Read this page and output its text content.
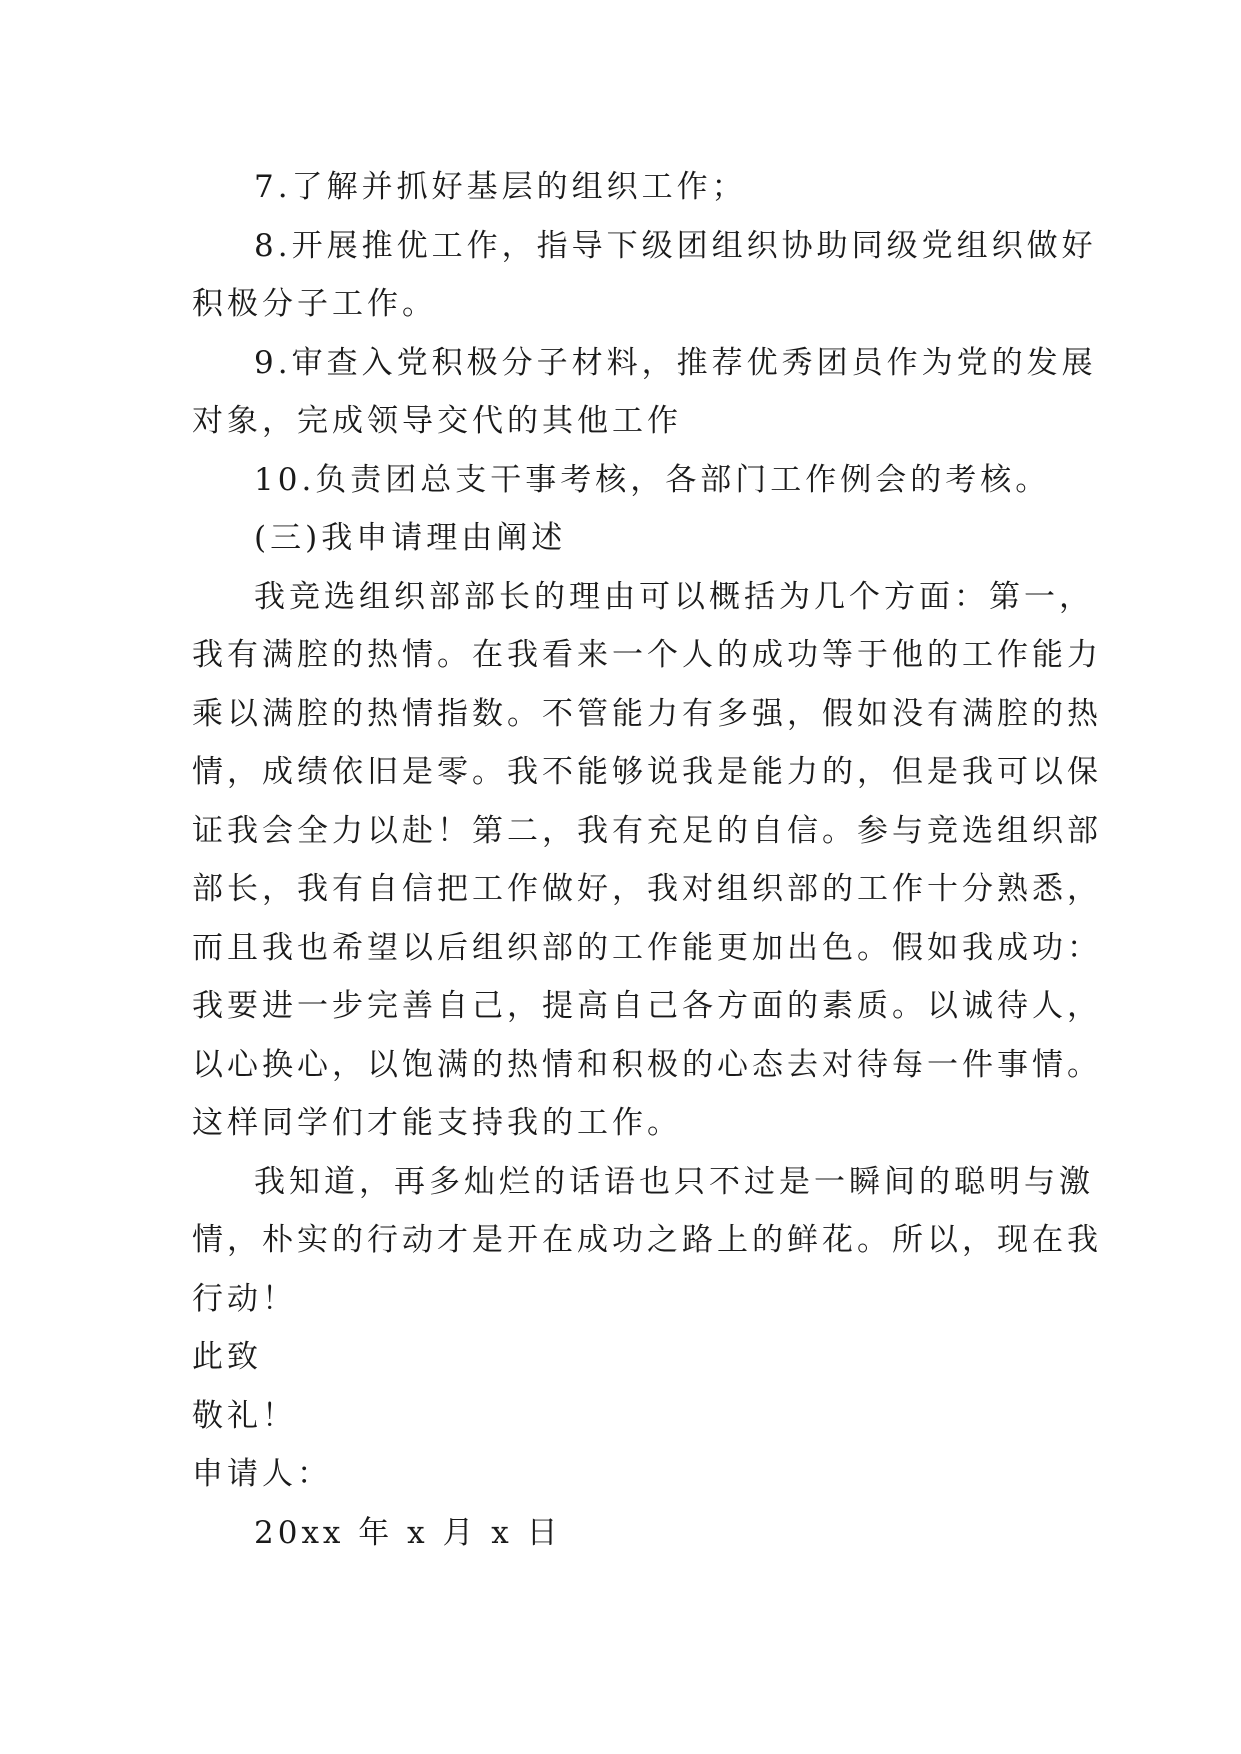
7.了解并抓好基层的组织工作；
8.开展推优工作，指导下级团组织协助同级党组织做好
积极分子工作。
9.审查入党积极分子材料，推荐优秀团员作为党的发展
对象，完成领导交代的其他工作
10.负责团总支干事考核，各部门工作例会的考核。
(三)我申请理由阐述
我竞选组织部部长的理由可以概括为几个方面：第一，
我有满腔的热情。在我看来一个人的成功等于他的工作能力
乘以满腔的热情指数。不管能力有多强，假如没有满腔的热
情，成绩依旧是零。我不能够说我是能力的，但是我可以保
证我会全力以赴！第二，我有充足的自信。参与竞选组织部
部长，我有自信把工作做好，我对组织部的工作十分熟悉，
而且我也希望以后组织部的工作能更加出色。假如我成功：
我要进一步完善自己，提高自己各方面的素质。以诚待人，
以心换心，以饱满的热情和积极的心态去对待每一件事情。
这样同学们才能支持我的工作。
我知道，再多灿烂的话语也只不过是一瞬间的聪明与激
情，朴实的行动才是开在成功之路上的鲜花。所以，现在我
行动！
此致
敬礼！
申请人：
20xx 年 x 月 x 日
